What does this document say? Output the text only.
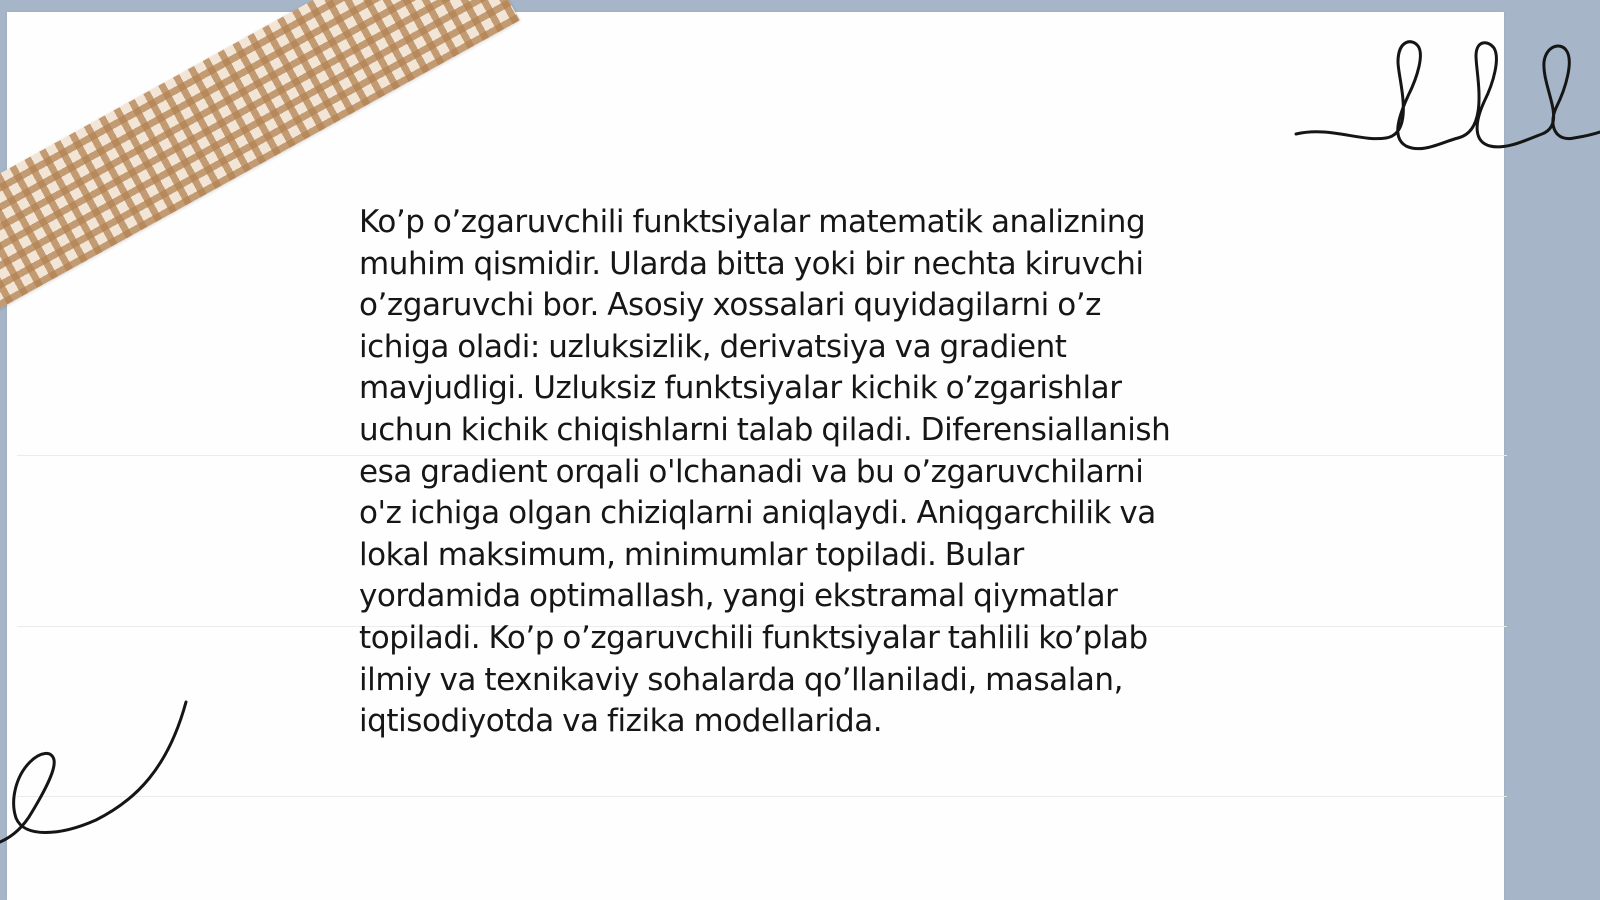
Ko’p o’zgaruvchili funktsiyalar matematik analizning
muhim qismidir. Ularda bitta yoki bir nechta kiruvchi
o’zgaruvchi bor. Asosiy xossalari quyidagilarni o’z
ichiga oladi: uzluksizlik, derivatsiya va gradient
mavjudligi. Uzluksiz funktsiyalar kichik o’zgarishlar
uchun kichik chiqishlarni talab qiladi. Diferensiallanish
esa gradient orqali o'lchanadi va bu o’zgaruvchilarni
o'z ichiga olgan chiziqlarni aniqlaydi. Aniqgarchilik va
lokal maksimum, minimumlar topiladi. Bular
yordamida optimallash, yangi ekstramal qiymatlar
topiladi. Ko’p o’zgaruvchili funktsiyalar tahlili ko’plab
ilmiy va texnikaviy sohalarda qo’llaniladi, masalan,
iqtisodiyotda va fizika modellarida.
